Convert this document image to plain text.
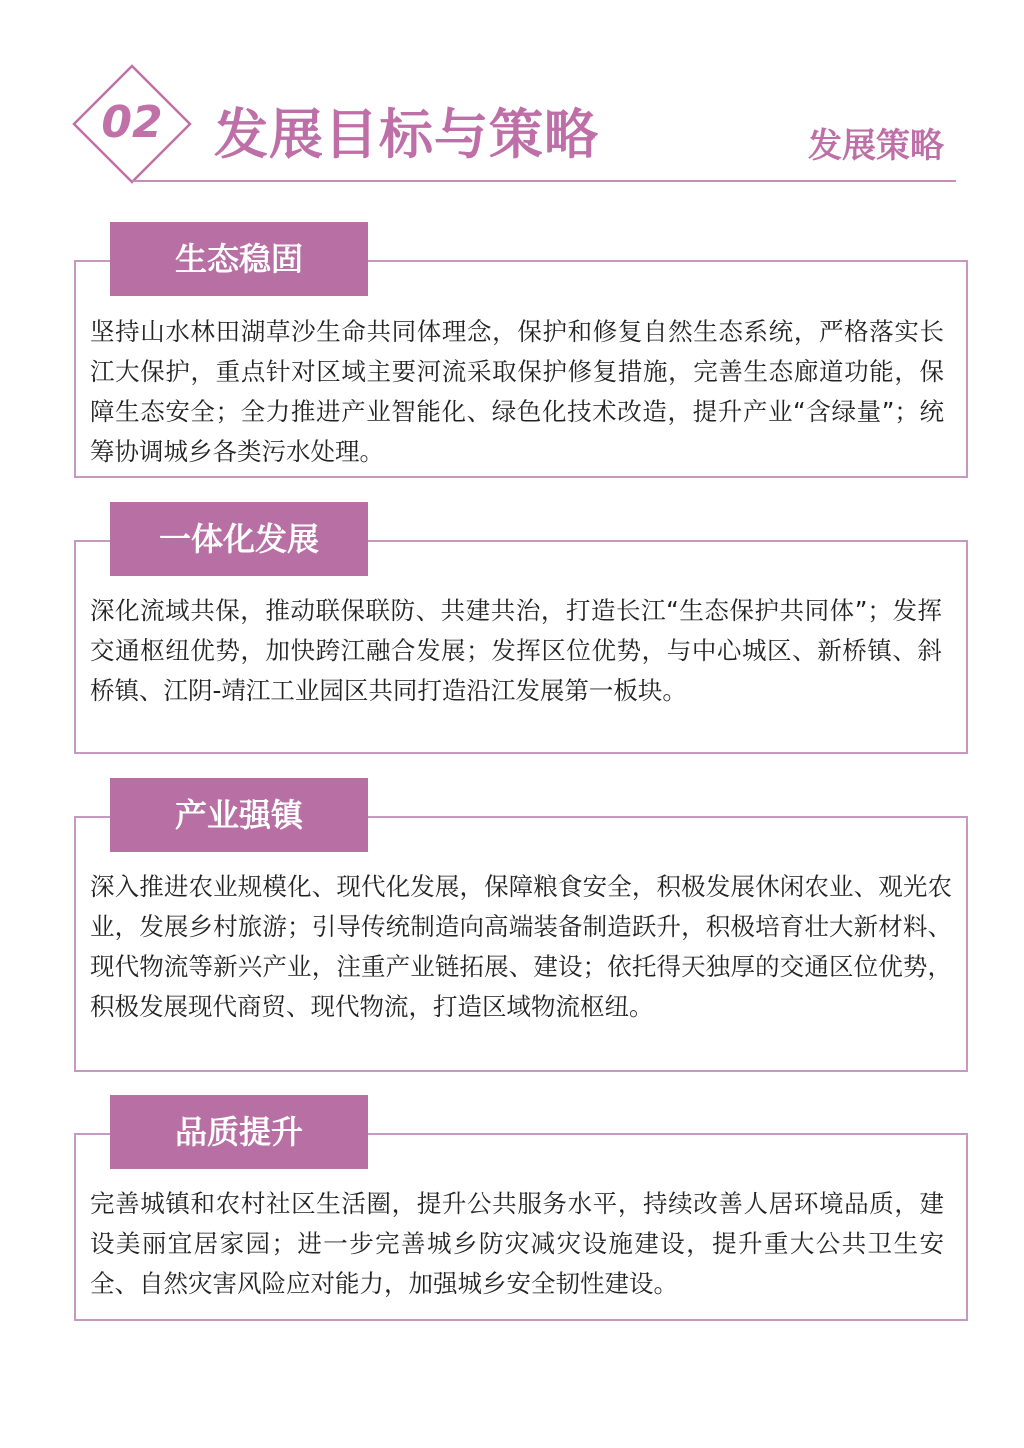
02 发展目标与策略	发展策略
生态稳固

坚持山水林田湖草沙生命共同体理念，保护和修复自然生态系统，严格落实长江大保护，重点针对区域主要河流采取保护修复措施，完善生态廊道功能，保障生态安全；全力推进产业智能化、绿色化技术改造，提升产业“含绿量”；统筹协调城乡各类污水处理。

一体化发展

深化流域共保，推动联保联防、共建共治，打造长江“生态保护共同体”；发挥交通枢纽优势，加快跨江融合发展；发挥区位优势，与中心城区、新桥镇、斜桥镇、江阴-靖江工业园区共同打造沿江发展第一板块。

产业强镇

深入推进农业规模化、现代化发展，保障粮食安全，积极发展休闲农业、观光农业，发展乡村旅游；引导传统制造向高端装备制造跃升，积极培育壮大新材料、现代物流等新兴产业，注重产业链拓展、建设；依托得天独厚的交通区位优势，积极发展现代商贸、现代物流，打造区域物流枢纽。

品质提升

完善城镇和农村社区生活圈，提升公共服务水平，持续改善人居环境品质，建设美丽宜居家园；进一步完善城乡防灾减灾设施建设，提升重大公共卫生安全、自然灾害风险应对能力，加强城乡安全韧性建设。
